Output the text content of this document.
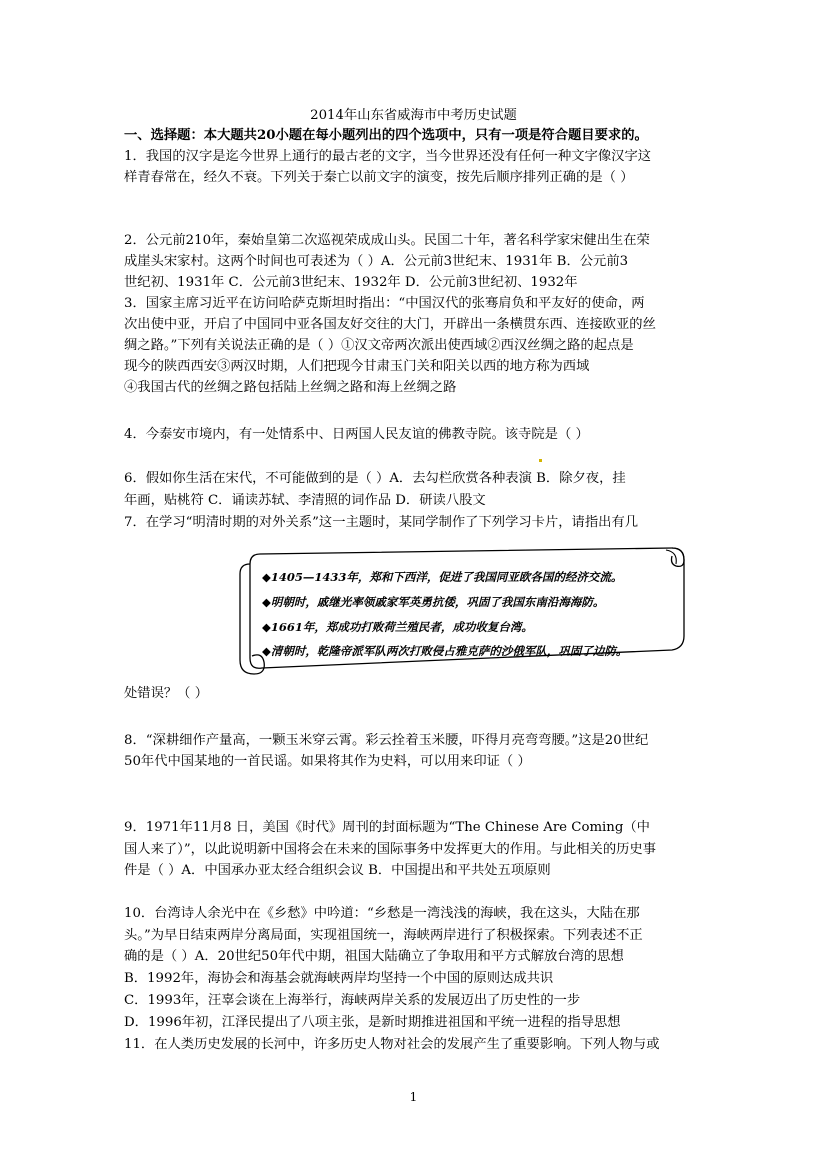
2014年山东省威海市中考历史试题
一、选择题：本大题共20小题在每小题列出的四个选项中，只有一项是符合题目要求的。
1．我国的汉字是迄今世界上通行的最古老的文字，当今世界还没有任何一种文字像汉字这
样青春常在，经久不衰。下列关于秦亡以前文字的演变，按先后顺序排列正确的是（ ）
2．公元前210年，秦始皇第二次巡视荣成成山头。民国二十年，著名科学家宋健出生在荣
成崖头宋家村。这两个时间也可表述为（ ）A．公元前3世纪末、1931年 B．公元前3
世纪初、1931年 C．公元前3世纪末、1932年 D．公元前3世纪初、1932年
3．国家主席习近平在访问哈萨克斯坦时指出：“中国汉代的张骞肩负和平友好的使命，两
次出使中亚，开启了中国同中亚各国友好交往的大门，开辟出一条横贯东西、连接欧亚的丝
绸之路。”下列有关说法正确的是（ ）①汉文帝两次派出使西域②西汉丝绸之路的起点是
现今的陕西西安③两汉时期，人们把现今甘肃玉门关和阳关以西的地方称为西域
④我国古代的丝绸之路包括陆上丝绸之路和海上丝绸之路
4．今泰安市境内，有一处情系中、日两国人民友谊的佛教寺院。该寺院是（ ）
6．假如你生活在宋代，不可能做到的是（ ）A．去勾栏欣赏各种表演 B．除夕夜，挂
年画，贴桃符 C．诵读苏轼、李清照的词作品 D．研读八股文
7．在学习“明清时期的对外关系”这一主题时，某同学制作了下列学习卡片，请指出有几
◆1405—1433年，郑和下西洋，促进了我国同亚欧各国的经济交流。
◆明朝时，戚继光率领戚家军英勇抗倭，巩固了我国东南沿海海防。
◆1661年，郑成功打败荷兰殖民者，成功收复台湾。
◆清朝时，乾隆帝派军队两次打败侵占雅克萨的沙俄军队，巩固了边防。
处错误？（ ）
8．“深耕细作产量高，一颗玉米穿云霄。彩云拴着玉米腰，吓得月亮弯弯腰。”这是20世纪
50年代中国某地的一首民谣。如果将其作为史料，可以用来印证（ ）
9．1971年11月8 日，美国《时代》周刊的封面标题为“The Chinese Are Coming（中
国人来了）”，以此说明新中国将会在未来的国际事务中发挥更大的作用。与此相关的历史事
件是（ ）A．中国承办亚太经合组织会议 B．中国提出和平共处五项原则
10．台湾诗人余光中在《乡愁》中吟道：“乡愁是一湾浅浅的海峡，我在这头，大陆在那
头。”为早日结束两岸分离局面，实现祖国统一，海峡两岸进行了积极探索。下列表述不正
确的是（ ）A．20世纪50年代中期，祖国大陆确立了争取用和平方式解放台湾的思想
B．1992年，海协会和海基会就海峡两岸均坚持一个中国的原则达成共识
C．1993年，汪辜会谈在上海举行，海峡两岸关系的发展迈出了历史性的一步
D．1996年初，江泽民提出了八项主张，是新时期推进祖国和平统一进程的指导思想
11．在人类历史发展的长河中，许多历史人物对社会的发展产生了重要影响。下列人物与或
1
